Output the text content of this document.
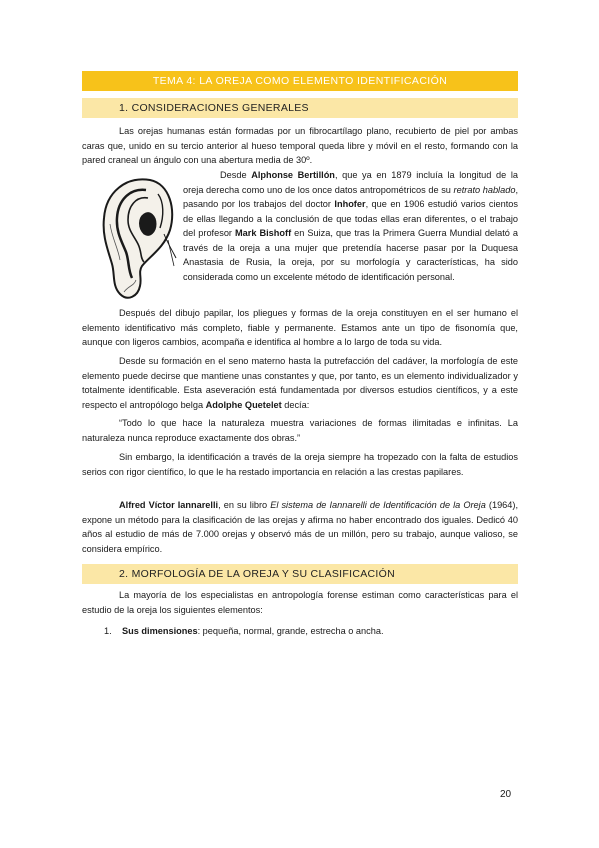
TEMA 4: LA OREJA COMO ELEMENTO IDENTIFICACIÓN
1. CONSIDERACIONES GENERALES

Las orejas humanas están formadas por un fibrocartílago plano, recubierto de piel por ambas caras que, unido en su tercio anterior al hueso temporal queda libre y móvil en el resto, formando con la pared craneal un ángulo con una abertura media de 30º.

Desde Alphonse Bertillón, que ya en 1879 incluía la longitud de la oreja derecha como uno de los once datos antropométricos de su retrato hablado, pasando por los trabajos del doctor Inhofer, que en 1906 estudió varios cientos de ellas llegando a la conclusión de que todas ellas eran diferentes, o el trabajo del profesor Mark Bishoff en Suiza, que tras la Primera Guerra Mundial delató a través de la oreja a una mujer que pretendía hacerse pasar por la Duquesa Anastasia de Rusia, la oreja, por su morfología y características, ha sido considerada como un excelente método de identificación personal.

Después del dibujo papilar, los pliegues y formas de la oreja constituyen en el ser humano el elemento identificativo más completo, fiable y permanente. Estamos ante un tipo de fisonomía que, aunque con ligeros cambios, acompaña e identifica al hombre a lo largo de toda su vida.

Desde su formación en el seno materno hasta la putrefacción del cadáver, la morfología de este elemento puede decirse que mantiene unas constantes y que, por tanto, es un elemento individualizador y totalmente identificable. Esta aseveración está fundamentada por diversos estudios científicos, y a este respecto el antropólogo belga Adolphe Quetelet decía:

“Todo lo que hace la naturaleza muestra variaciones de formas ilimitadas e infinitas. La naturaleza nunca reproduce exactamente dos obras.”

Sin embargo, la identificación a través de la oreja siempre ha tropezado con la falta de estudios serios con rigor científico, lo que le ha restado importancia en relación a las crestas papilares.

Alfred Víctor Iannarelli, en su libro El sistema de Iannarelli de Identificación de la Oreja (1964), expone un método para la clasificación de las orejas y afirma no haber encontrado dos iguales. Dedicó 40 años al estudio de más de 7.000 orejas y observó más de un millón, pero su trabajo, aunque valioso, se considera empírico.

2. MORFOLOGÍA DE LA OREJA Y SU CLASIFICACIÓN

La mayoría de los especialistas en antropología forense estiman como características para el estudio de la oreja los siguientes elementos:

1. Sus dimensiones: pequeña, normal, grande, estrecha o ancha.
20
